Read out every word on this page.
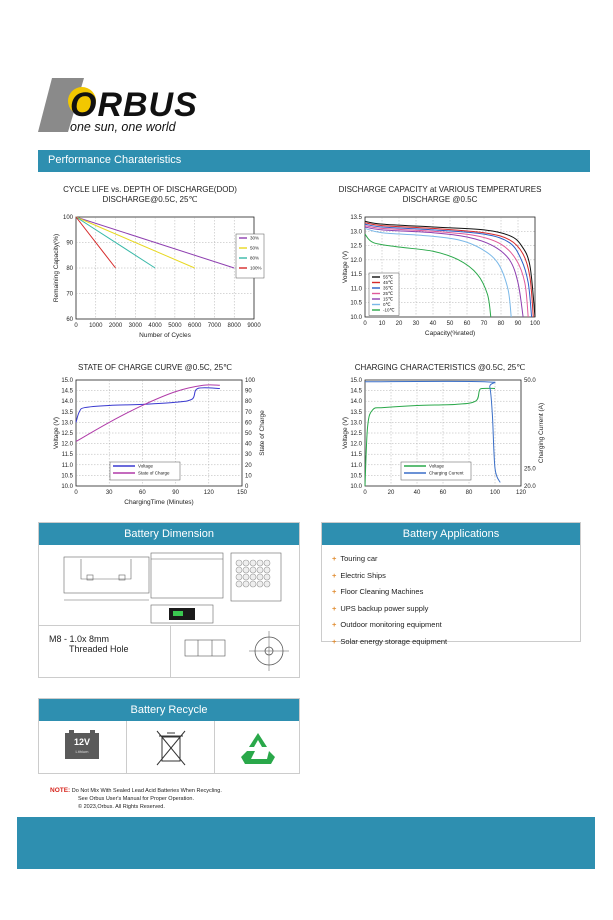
ORBUS
one sun, one world
Performance Charateristics
CYCLE LIFE vs. DEPTH OF DISCHARGE(DOD)
DISCHARGE@0.5C, 25℃
0 1000 2000 3000 4000 5000 6000 7000 8000 9000
60
70
80
90
100
Number of Cycles
Remaining Capacity(%)	30%
50%
80%
100%
DISCHARGE CAPACITY at VARIOUS TEMPERATURES
DISCHARGE @0.5C
0 10 20 30 40 50 60 70 80 90 100
10.0
10.5
11.0
11.5
12.0
12.5
13.0
13.5
Capacity(%rated)
Voltage (V)	55℃
45℃
35℃
25℃
15℃
0℃
-10℃
STATE OF CHARGE CURVE @0.5C, 25℃
0	30	60	90	120	150
10.0
10.5
11.0
11.5
12.0
12.5
13.0
13.5
14.0
14.5
15.0
0
10
20
30
40
50
60
70
80
90
100
State of Charge
ChargingTime (Minutes)
Voltage (V)
Voltage
State of Charge
CHARGING CHARACTERISTICS @0.5C, 25℃
0	20	40	60	80	100	120
10.0
10.5
11.0
11.5
12.0
12.5
13.0
13.5
14.0
14.5
15.0
20.0
25.0
50.0
Charging Current (A)
Voltage (V)
Voltage
Charging Current
Battery Dimension
M8 - 1.0x 8mm
Threaded Hole
Battery Applications
+ Touring car
+ Electric Ships
+ Floor Cleaning Machines
+ UPS backup power supply
+ Outdoor monitoring equipment
+ Solar energy storage equipment
Battery Recycle
12V
Lithium
NOTE: Do Not Mix With Sealed Lead Acid Batteries When Recycling.
See Orbus User's Manual for Proper Operation.
© 2023,Orbus. All Rights Reserved.
